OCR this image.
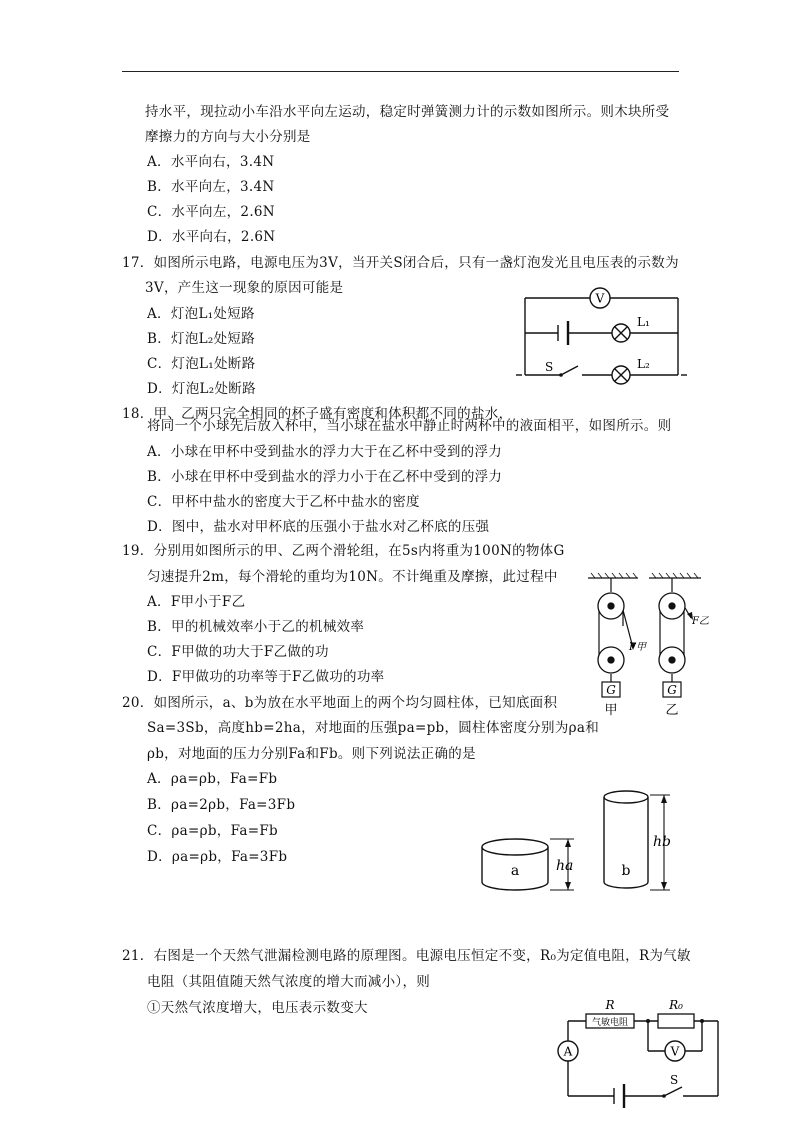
持水平，现拉动小车沿水平向左运动，稳定时弹簧测力计的示数如图所示。则木块所受
摩擦力的方向与大小分别是
A．水平向右，3.4N
B．水平向左，3.4N
C．水平向左，2.6N
D．水平向右，2.6N
17．如图所示电路，电源电压为3V，当开关S闭合后，只有一盏灯泡发光且电压表的示数为
3V，产生这一现象的原因可能是
A．灯泡L₁处短路
B．灯泡L₂处短路
C．灯泡L₁处断路
D．灯泡L₂处断路
V
L₁
L₂
S
18．甲、乙两只完全相同的杯子盛有密度和体积都不同的盐水，
将同一个小球先后放入杯中，当小球在盐水中静止时两杯中的液面相平，如图所示。则
A．小球在甲杯中受到盐水的浮力大于在乙杯中受到的浮力
B．小球在甲杯中受到盐水的浮力小于在乙杯中受到的浮力
C．甲杯中盐水的密度大于乙杯中盐水的密度
D．图中，盐水对甲杯底的压强小于盐水对乙杯底的压强
19．分别用如图所示的甲、乙两个滑轮组，在5s内将重为100N的物体G
匀速提升2m，每个滑轮的重均为10N。不计绳重及摩擦，此过程中
A．F甲小于F乙
B．甲的机械效率小于乙的机械效率
C．F甲做的功大于F乙做的功
D．F甲做功的功率等于F乙做功的功率
F甲
F乙
G	G
甲	乙
20．如图所示，a、b为放在水平地面上的两个均匀圆柱体，已知底面积
Sa=3Sb，高度hb=2ha，对地面的压强pa=pb，圆柱体密度分别为ρa和
ρb，对地面的压力分别Fa和Fb。则下列说法正确的是
A．ρa=ρb，Fa=Fb
B．ρa=2ρb，Fa=3Fb
C．ρa=ρb，Fa=Fb
D．ρa=ρb，Fa=3Fb
a	ha	b
hb
21．右图是一个天然气泄漏检测电路的原理图。电源电压恒定不变，R₀为定值电阻，R为气敏
电阻（其阻值随天然气浓度的增大而减小），则
①天然气浓度增大，电压表示数变大
气敏电阻
R	R₀
V
A
S
